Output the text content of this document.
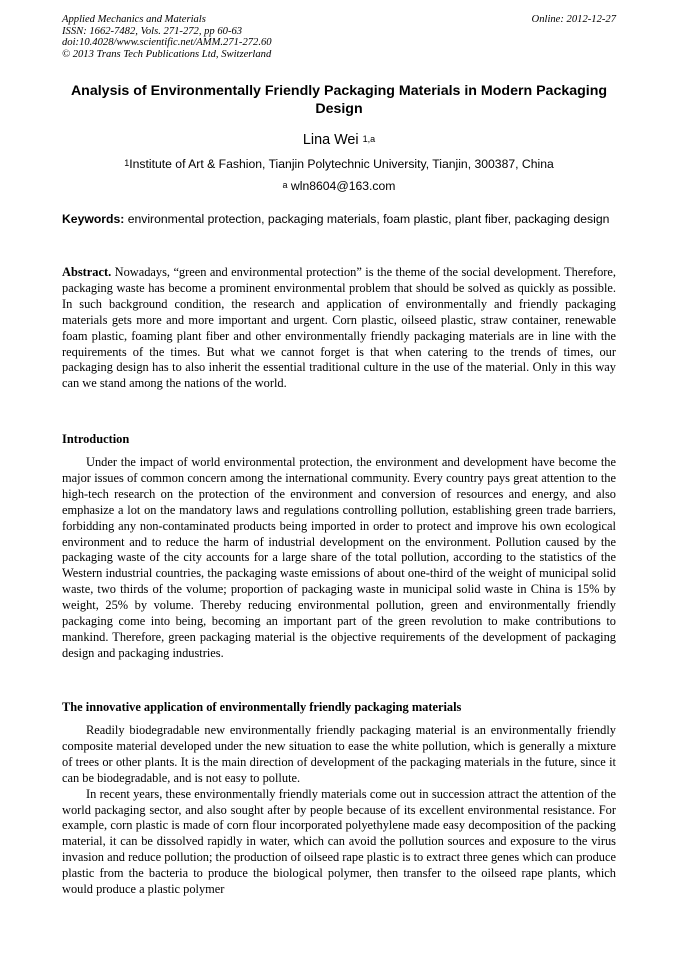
Applied Mechanics and Materials
ISSN: 1662-7482, Vols. 271-272, pp 60-63
doi:10.4028/www.scientific.net/AMM.271-272.60
© 2013 Trans Tech Publications Ltd, Switzerland
Online: 2012-12-27
Analysis of Environmentally Friendly Packaging Materials in Modern Packaging Design
Lina Wei $^{1,a}$
$^1$Institute of Art & Fashion, Tianjin Polytechnic University, Tianjin, 300387, China
$^a$ wln8604@163.com
Keywords: environmental protection, packaging materials, foam plastic, plant fiber, packaging design
Abstract. Nowadays, “green and environmental protection” is the theme of the social development. Therefore, packaging waste has become a prominent environmental problem that should be solved as quickly as possible. In such background condition, the research and application of environmentally and friendly packaging materials gets more and more important and urgent. Corn plastic, oilseed plastic, straw container, renewable foam plastic, foaming plant fiber and other environmentally friendly packaging materials are in line with the requirements of the times. But what we cannot forget is that when catering to the trends of times, our packaging design has to also inherit the essential traditional culture in the use of the material. Only in this way can we stand among the nations of the world.
Introduction

Under the impact of world environmental protection, the environment and development have become the major issues of common concern among the international community. Every country pays great attention to the high-tech research on the protection of the environment and conversion of resources and energy, and also emphasize a lot on the mandatory laws and regulations controlling pollution, establishing green trade barriers, forbidding any non-contaminated products being imported in order to protect and improve his own ecological environment and to reduce the harm of industrial development on the environment. Pollution caused by the packaging waste of the city accounts for a large share of the total pollution, according to the statistics of the Western industrial countries, the packaging waste emissions of about one-third of the weight of municipal solid waste, two thirds of the volume; proportion of packaging waste in municipal solid waste in China is 15% by weight, 25% by volume. Thereby reducing environmental pollution, green and environmentally friendly packaging come into being, becoming an important part of the green revolution to make contributions to mankind. Therefore, green packaging material is the objective requirements of the development of packaging design and packaging industries.

The innovative application of environmentally friendly packaging materials

Readily biodegradable new environmentally friendly packaging material is an environmentally friendly composite material developed under the new situation to ease the white pollution, which is generally a mixture of trees or other plants. It is the main direction of development of the packaging materials in the future, since it can be biodegradable, and is not easy to pollute.

In recent years, these environmentally friendly materials come out in succession attract the attention of the world packaging sector, and also sought after by people because of its excellent environmental resistance. For example, corn plastic is made of corn flour incorporated polyethylene made easy decomposition of the packing material, it can be dissolved rapidly in water, which can avoid the pollution sources and exposure to the virus invasion and reduce pollution; the production of oilseed rape plastic is to extract three genes which can produce plastic from the bacteria to produce the biological polymer, then transfer to the oilseed rape plants, which would produce a plastic polymer
